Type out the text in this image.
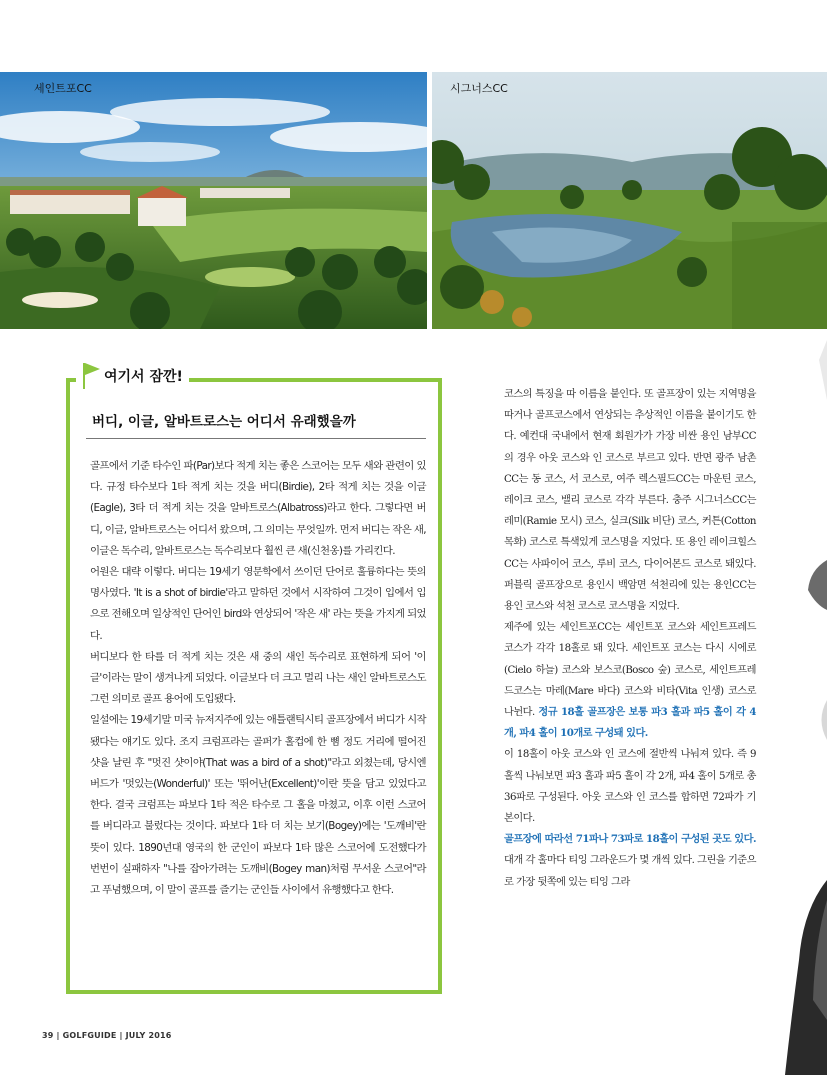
세인트포CC	시그너스CC
여기서 잠깐!
버디, 이글, 알바트로스는 어디서 유래했을까

골프에서 기준 타수인 파(Par)보다 적게 치는 좋은 스코어는 모두 새와 관련이 있다. 규정 타수보다 1타 적게 치는 것을 버디(Birdie), 2타 적게 치는 것을 이글(Eagle), 3타 더 적게 치는 것을 알바트로스(Albatross)라고 한다. 그렇다면 버디, 이글, 알바트로스는 어디서 왔으며, 그 의미는 무엇일까. 먼저 버디는 작은 새, 이글은 독수리, 알바트로스는 독수리보다 훨씬 큰 새(신천옹)를 가리킨다.

어원은 대략 이렇다. 버디는 19세기 영문학에서 쓰이던 단어로 훌륭하다는 뜻의 명사였다. 'It is a shot of birdie'라고 말하던 것에서 시작하여 그것이 입에서 입으로 전해오며 일상적인 단어인 bird와 연상되어 '작은 새' 라는 뜻을 가지게 되었다.

버디보다 한 타를 더 적게 치는 것은 새 중의 새인 독수리로 표현하게 되어 '이글'이라는 말이 생겨나게 되었다. 이글보다 더 크고 멀리 나는 새인 알바트로스도 그런 의미로 골프 용어에 도입됐다.

일설에는 19세기말 미국 뉴저지주에 있는 애틀랜틱시티 골프장에서 버디가 시작됐다는 얘기도 있다. 조지 크럼프라는 골퍼가 홀컵에 한 뼘 정도 거리에 떨어진 샷을 날린 후 "멋진 샷이야(That was a bird of a shot)"라고 외쳤는데, 당시엔 버드가 '멋있는(Wonderful)' 또는 '뛰어난(Excellent)'이란 뜻을 담고 있었다고 한다. 결국 크럼프는 파보다 1타 적은 타수로 그 홀을 마쳤고, 이후 이런 스코어를 버디라고 불렀다는 것이다. 파보다 1타 더 치는 보기(Bogey)에는 '도깨비'란 뜻이 있다. 1890년대 영국의 한 군인이 파보다 1타 많은 스코어에 도전했다가 번번이 실패하자 "나를 잡아가려는 도깨비(Bogey man)처럼 무서운 스코어"라고 푸념했으며, 이 말이 골프를 즐기는 군인들 사이에서 유행했다고 한다.

코스의 특징을 따 이름을 붙인다. 또 골프장이 있는 지역명을 따거나 골프코스에서 연상되는 추상적인 이름을 붙이기도 한다. 예컨대 국내에서 현재 회원가가 가장 비싼 용인 남부CC의 경우 아웃 코스와 인 코스로 부르고 있다. 반면 광주 남촌CC는 동 코스, 서 코스로, 여주 렉스필드CC는 마운틴 코스, 레이크 코스, 밸리 코스로 각각 부른다. 충주 시그너스CC는 레미(Ramie 모시) 코스, 실크(Silk 비단) 코스, 커튼(Cotton 목화) 코스로 특색있게 코스명을 지었다. 또 용인 레이크힐스CC는 사파이어 코스, 루비 코스, 다이어몬드 코스로 돼있다. 퍼블릭 골프장으로 용인시 백암면 석천리에 있는 용인CC는 용인 코스와 석천 코스로 코스명을 지었다.

제주에 있는 세인트포CC는 세인트포 코스와 세인트프레드 코스가 각각 18홀로 돼 있다. 세인트포 코스는 다시 시에로(Cielo 하늘) 코스와 보스코(Bosco 숲) 코스로, 세인트프레드코스는 마레(Mare 바다) 코스와 비타(Vita 인생) 코스로 나뉜다. 정규 18홀 골프장은 보통 파3 홀과 파5 홀이 각 4개, 파4 홀이 10개로 구성돼 있다.

이 18홀이 아웃 코스와 인 코스에 절반씩 나눠져 있다. 즉 9홀씩 나눠보면 파3 홀과 파5 홀이 각 2개, 파4 홀이 5개로 총 36파로 구성된다. 아웃 코스와 인 코스를 합하면 72파가 기본이다.

골프장에 따라선 71파나 73파로 18홀이 구성된 곳도 있다. 대개 각 홀마다 티잉 그라운드가 몇 개씩 있다. 그린을 기준으로 가장 뒷쪽에 있는 티잉 그라

39 | GOLFGUIDE | JULY 2016
